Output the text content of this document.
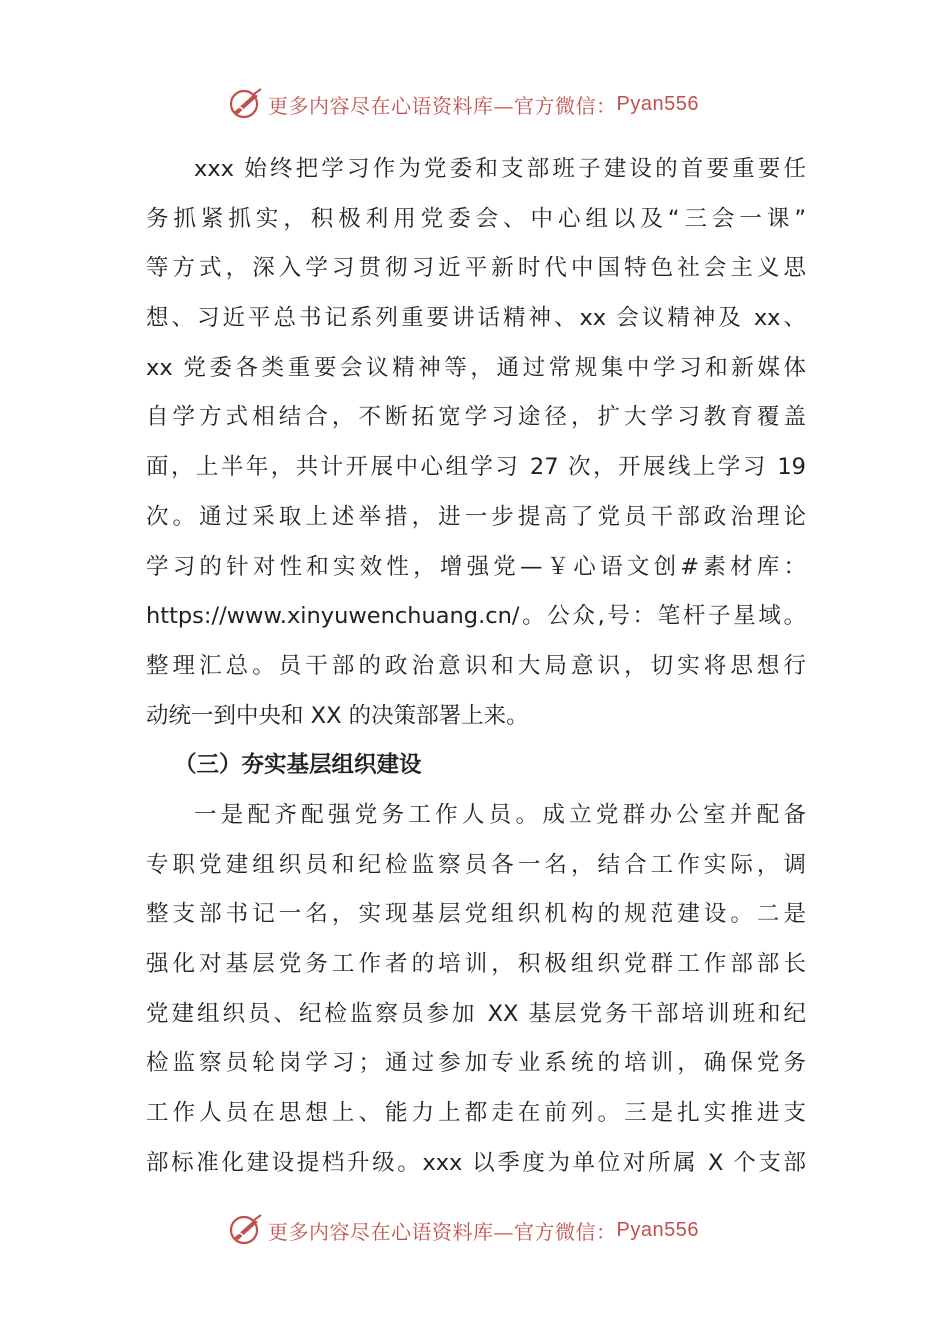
更多内容尽在心语资料库—官方微信： Pyan556

xxx 始终把学习作为党委和支部班子建设的首要重要任
务抓紧抓实，积极利用党委会、中心组以及“三会一课”
等方式，深入学习贯彻习近平新时代中国特色社会主义思
想、习近平总书记系列重要讲话精神、xx 会议精神及 xx、
xx 党委各类重要会议精神等，通过常规集中学习和新媒体
自学方式相结合，不断拓宽学习途径，扩大学习教育覆盖
面，上半年，共计开展中心组学习 27 次，开展线上学习 19
次。通过采取上述举措，进一步提高了党员干部政治理论
学习的针对性和实效性，增强党—￥心语文创#素材库：
https://www.xinyuwenchuang.cn/。公众,号：笔杆子星域。
整理汇总。员干部的政治意识和大局意识，切实将思想行
动统一到中央和 XX 的决策部署上来。

（三）夯实基层组织建设

一是配齐配强党务工作人员。成立党群办公室并配备
专职党建组织员和纪检监察员各一名，结合工作实际，调
整支部书记一名，实现基层党组织机构的规范建设。二是
强化对基层党务工作者的培训，积极组织党群工作部部长
党建组织员、纪检监察员参加 XX 基层党务干部培训班和纪
检监察员轮岗学习；通过参加专业系统的培训，确保党务
工作人员在思想上、能力上都走在前列。三是扎实推进支
部标准化建设提档升级。xxx 以季度为单位对所属 X 个支部

更多内容尽在心语资料库—官方微信： Pyan556
